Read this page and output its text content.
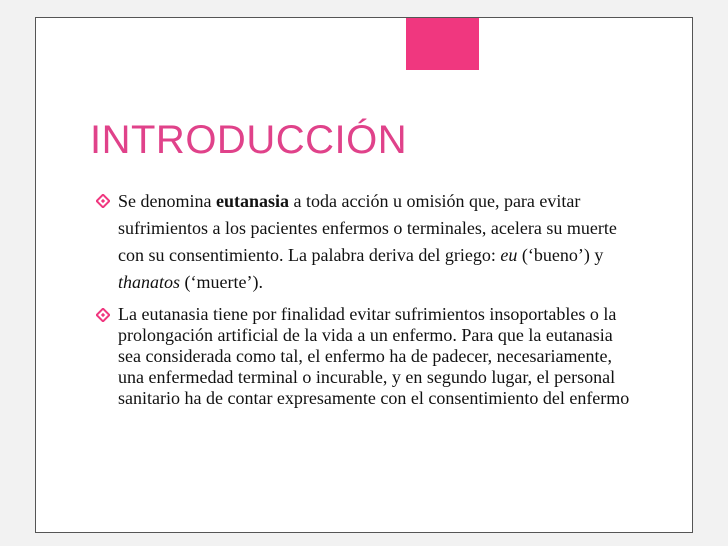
INTRODUCCIÓN
Se denomina eutanasia a toda acción u omisión que, para evitar sufrimientos a los pacientes enfermos o terminales, acelera su muerte con su consentimiento. La palabra deriva del griego: eu (‘bueno’) y thanatos (‘muerte’).
La eutanasia tiene por finalidad evitar sufrimientos insoportables o la prolongación artificial de la vida a un enfermo. Para que la eutanasia sea considerada como tal, el enfermo ha de padecer, necesariamente, una enfermedad terminal o incurable, y en segundo lugar, el personal sanitario ha de contar expresamente con el consentimiento del enfermo
